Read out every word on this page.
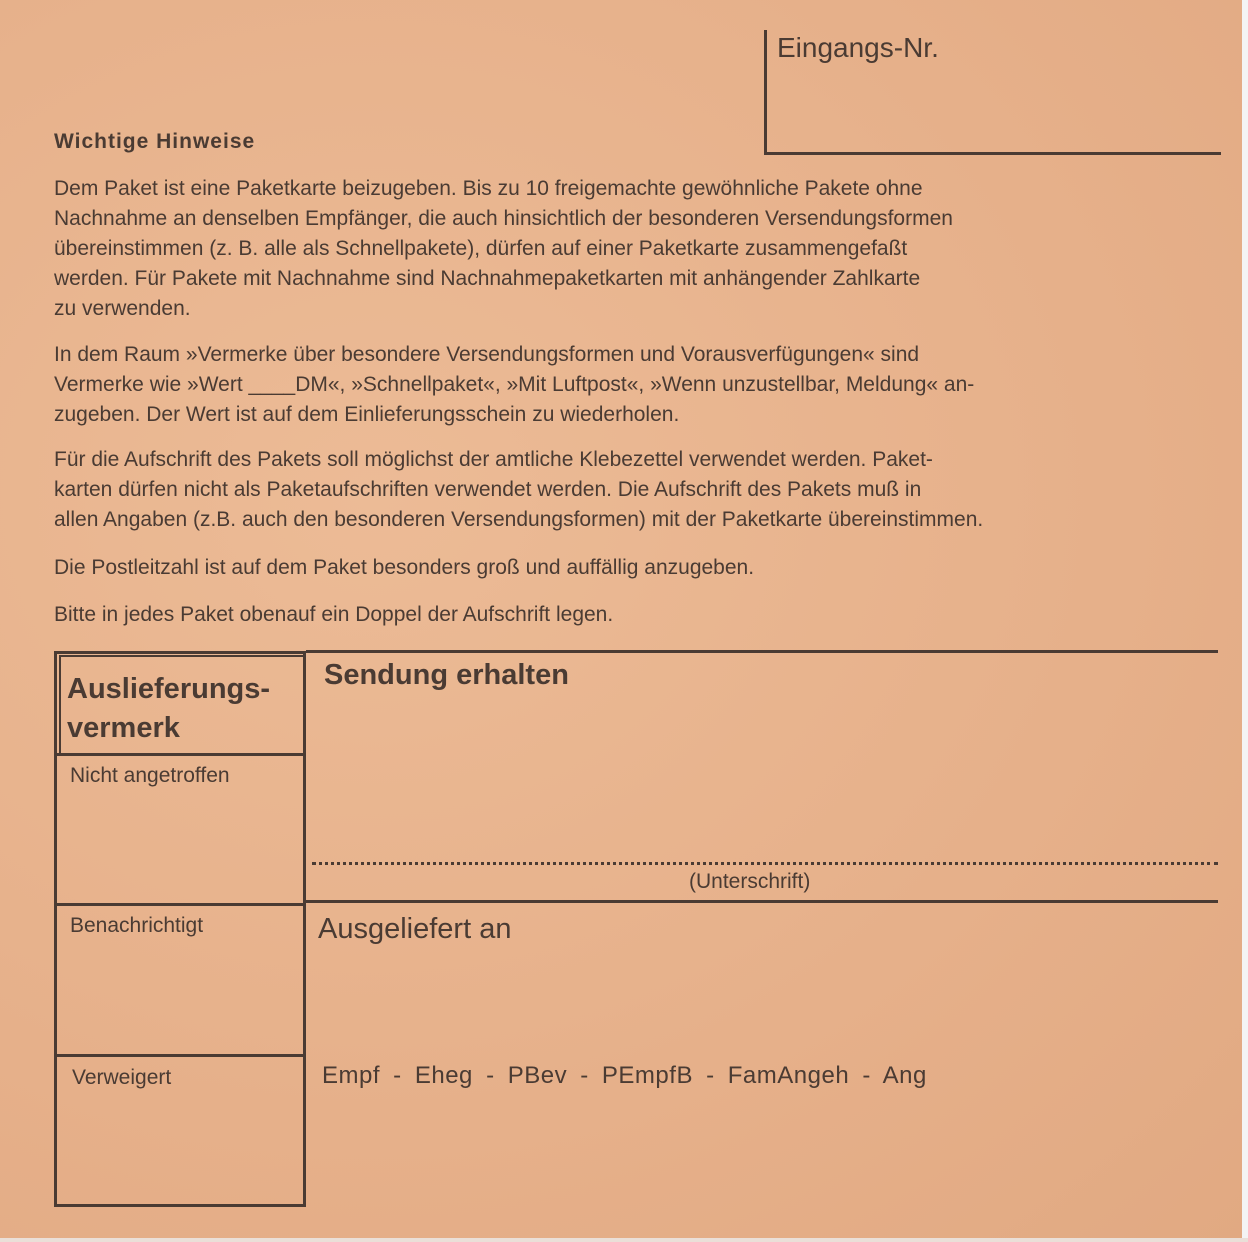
Eingangs-Nr.
Wichtige Hinweise
Dem Paket ist eine Paketkarte beizugeben. Bis zu 10 freigemachte gewöhnliche Pakete ohne
Nachnahme an denselben Empfänger, die auch hinsichtlich der besonderen Versendungsformen
übereinstimmen (z. B. alle als Schnellpakete), dürfen auf einer Paketkarte zusammengefaßt
werden. Für Pakete mit Nachnahme sind Nachnahmepaketkarten mit anhängender Zahlkarte
zu verwenden.
In dem Raum »Vermerke über besondere Versendungsformen und Vorausverfügungen« sind
Vermerke wie »Wert ____DM«, »Schnellpaket«, »Mit Luftpost«, »Wenn unzustellbar, Meldung« an-
zugeben. Der Wert ist auf dem Einlieferungsschein zu wiederholen.
Für die Aufschrift des Pakets soll möglichst der amtliche Klebezettel verwendet werden. Paket-
karten dürfen nicht als Paketaufschriften verwendet werden. Die Aufschrift des Pakets muß in
allen Angaben (z.B. auch den besonderen Versendungsformen) mit der Paketkarte übereinstimmen.
Die Postleitzahl ist auf dem Paket besonders groß und auffällig anzugeben.
Bitte in jedes Paket obenauf ein Doppel der Aufschrift legen.
Auslieferungs-
vermerk
Nicht angetroffen
Benachrichtigt
Verweigert
Sendung erhalten
(Unterschrift)
Ausgeliefert an
Empf - Eheg - PBev - PEmpfB - FamAngeh - Ang
